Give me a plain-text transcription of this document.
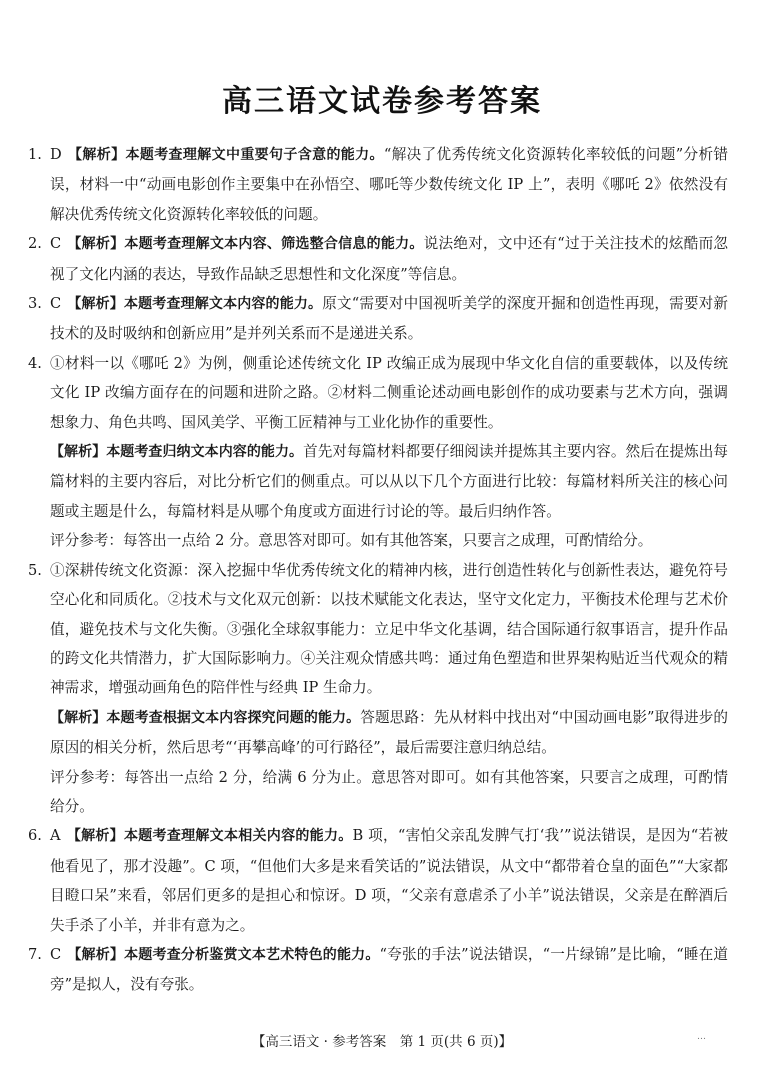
高三语文试卷参考答案
1. D 【解析】本题考查理解文中重要句子含意的能力。“解决了优秀传统文化资源转化率较低的问题”分析错误，材料一中“动画电影创作主要集中在孙悟空、哪吒等少数传统文化 IP 上”，表明《哪吒 2》依然没有解决优秀传统文化资源转化率较低的问题。
2. C 【解析】本题考查理解文本内容、筛选整合信息的能力。说法绝对，文中还有“过于关注技术的炫酷而忽视了文化内涵的表达，导致作品缺乏思想性和文化深度”等信息。
3. C 【解析】本题考查理解文本内容的能力。原文“需要对中国视听美学的深度开掘和创造性再现，需要对新技术的及时吸纳和创新应用”是并列关系而不是递进关系。
4. ①材料一以《哪吒 2》为例，侧重论述传统文化 IP 改编正成为展现中华文化自信的重要载体，以及传统文化 IP 改编方面存在的问题和进阶之路。②材料二侧重论述动画电影创作的成功要素与艺术方向，强调想象力、角色共鸣、国风美学、平衡工匠精神与工业化协作的重要性。
【解析】本题考查归纳文本内容的能力。首先对每篇材料都要仔细阅读并提炼其主要内容。然后在提炼出每篇材料的主要内容后，对比分析它们的侧重点。可以从以下几个方面进行比较：每篇材料所关注的核心问题或主题是什么，每篇材料是从哪个角度或方面进行讨论的等。最后归纳作答。
评分参考：每答出一点给 2 分。意思答对即可。如有其他答案，只要言之成理，可酌情给分。
5. ①深耕传统文化资源：深入挖掘中华优秀传统文化的精神内核，进行创造性转化与创新性表达，避免符号空心化和同质化。②技术与文化双元创新：以技术赋能文化表达，坚守文化定力，平衡技术伦理与艺术价值，避免技术与文化失衡。③强化全球叙事能力：立足中华文化基调，结合国际通行叙事语言，提升作品的跨文化共情潜力，扩大国际影响力。④关注观众情感共鸣：通过角色塑造和世界架构贴近当代观众的精神需求，增强动画角色的陪伴性与经典 IP 生命力。
【解析】本题考查根据文本内容探究问题的能力。答题思路：先从材料中找出对“中国动画电影”取得进步的原因的相关分析，然后思考“‘再攀高峰’的可行路径”，最后需要注意归纳总结。
评分参考：每答出一点给 2 分，给满 6 分为止。意思答对即可。如有其他答案，只要言之成理，可酌情给分。
6. A 【解析】本题考查理解文本相关内容的能力。B 项，“害怕父亲乱发脾气打‘我’”说法错误，是因为“若被他看见了，那才没趣”。C 项，“但他们大多是来看笑话的”说法错误，从文中“都带着仓皇的面色”“大家都目瞪口呆”来看，邻居们更多的是担心和惊讶。D 项，“父亲有意虐杀了小羊”说法错误，父亲是在醉酒后失手杀了小羊，并非有意为之。
7. C 【解析】本题考查分析鉴赏文本艺术特色的能力。“夸张的手法”说法错误，“一片绿锦”是比喻，“睡在道旁”是拟人，没有夸张。
【高三语文 · 参考答案　第 1 页(共 6 页)】	…
